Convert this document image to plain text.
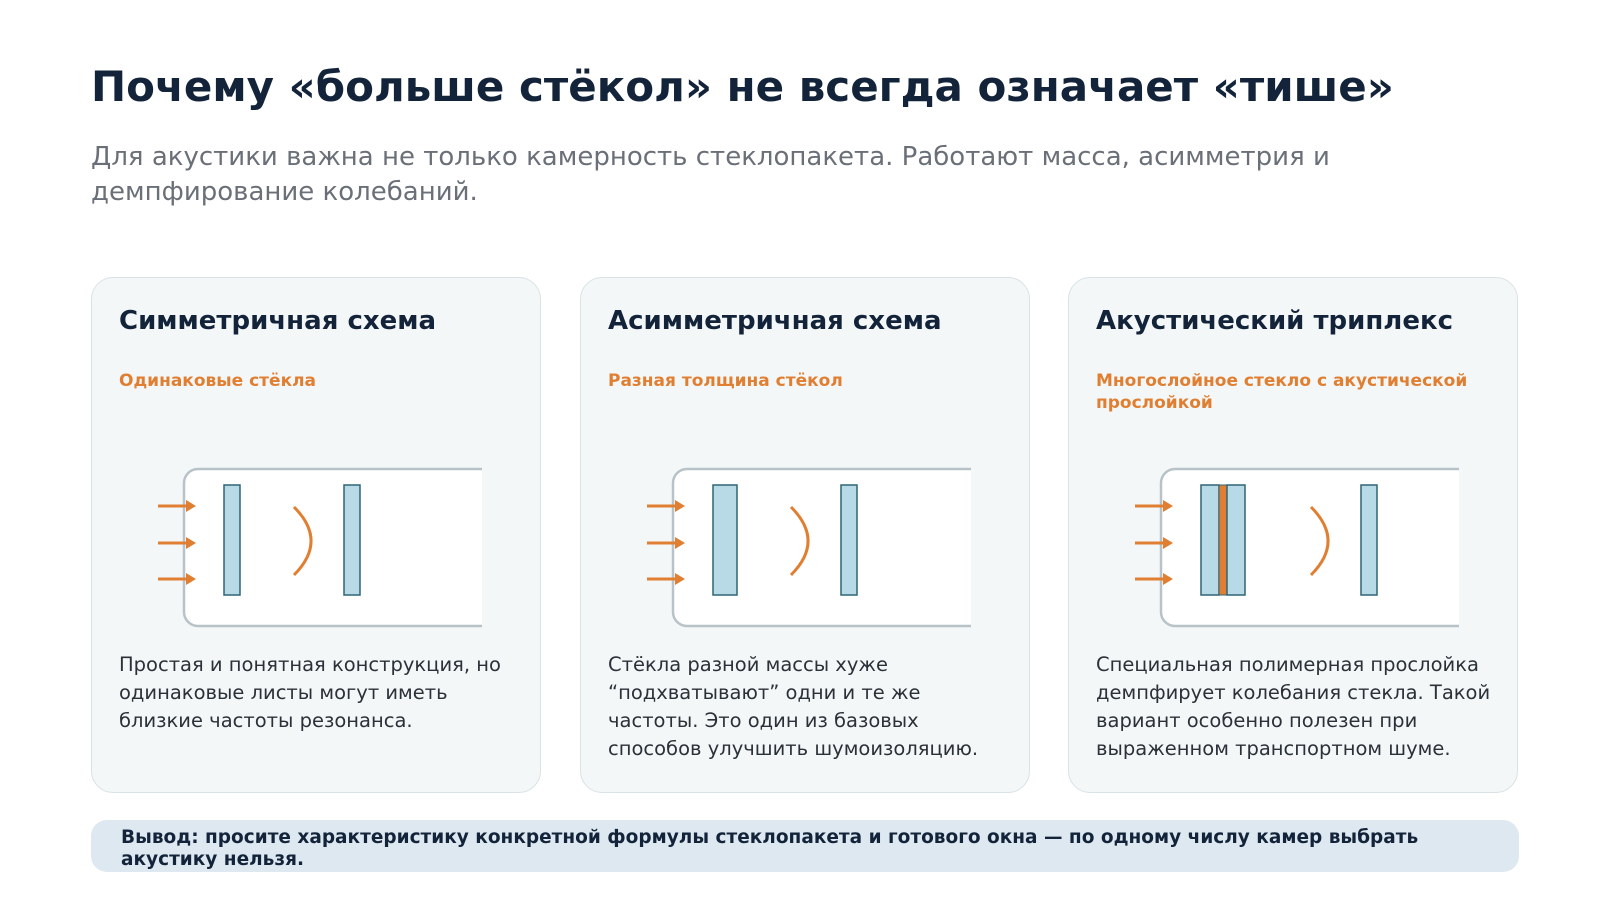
Почему «больше стёкол» не всегда означает «тише»
Для акустики важна не только камерность стеклопакета. Работают масса, асимметрия и демпфирование колебаний.
Симметричная схема
Одинаковые стёкла
Простая и понятная конструкция, но одинаковые листы могут иметь близкие частоты резонанса.
Асимметричная схема
Разная толщина стёкол
Стёкла разной массы хуже “подхватывают” одни и те же частоты. Это один из базовых способов улучшить шумоизоляцию.
Акустический триплекс
Многослойное стекло с акустической прослойкой
Специальная полимерная прослойка демпфирует колебания стекла. Такой вариант особенно полезен при выраженном транспортном шуме.
Вывод: просите характеристику конкретной формулы стеклопакета и готового окна — по одному числу камер выбрать акустику нельзя.
